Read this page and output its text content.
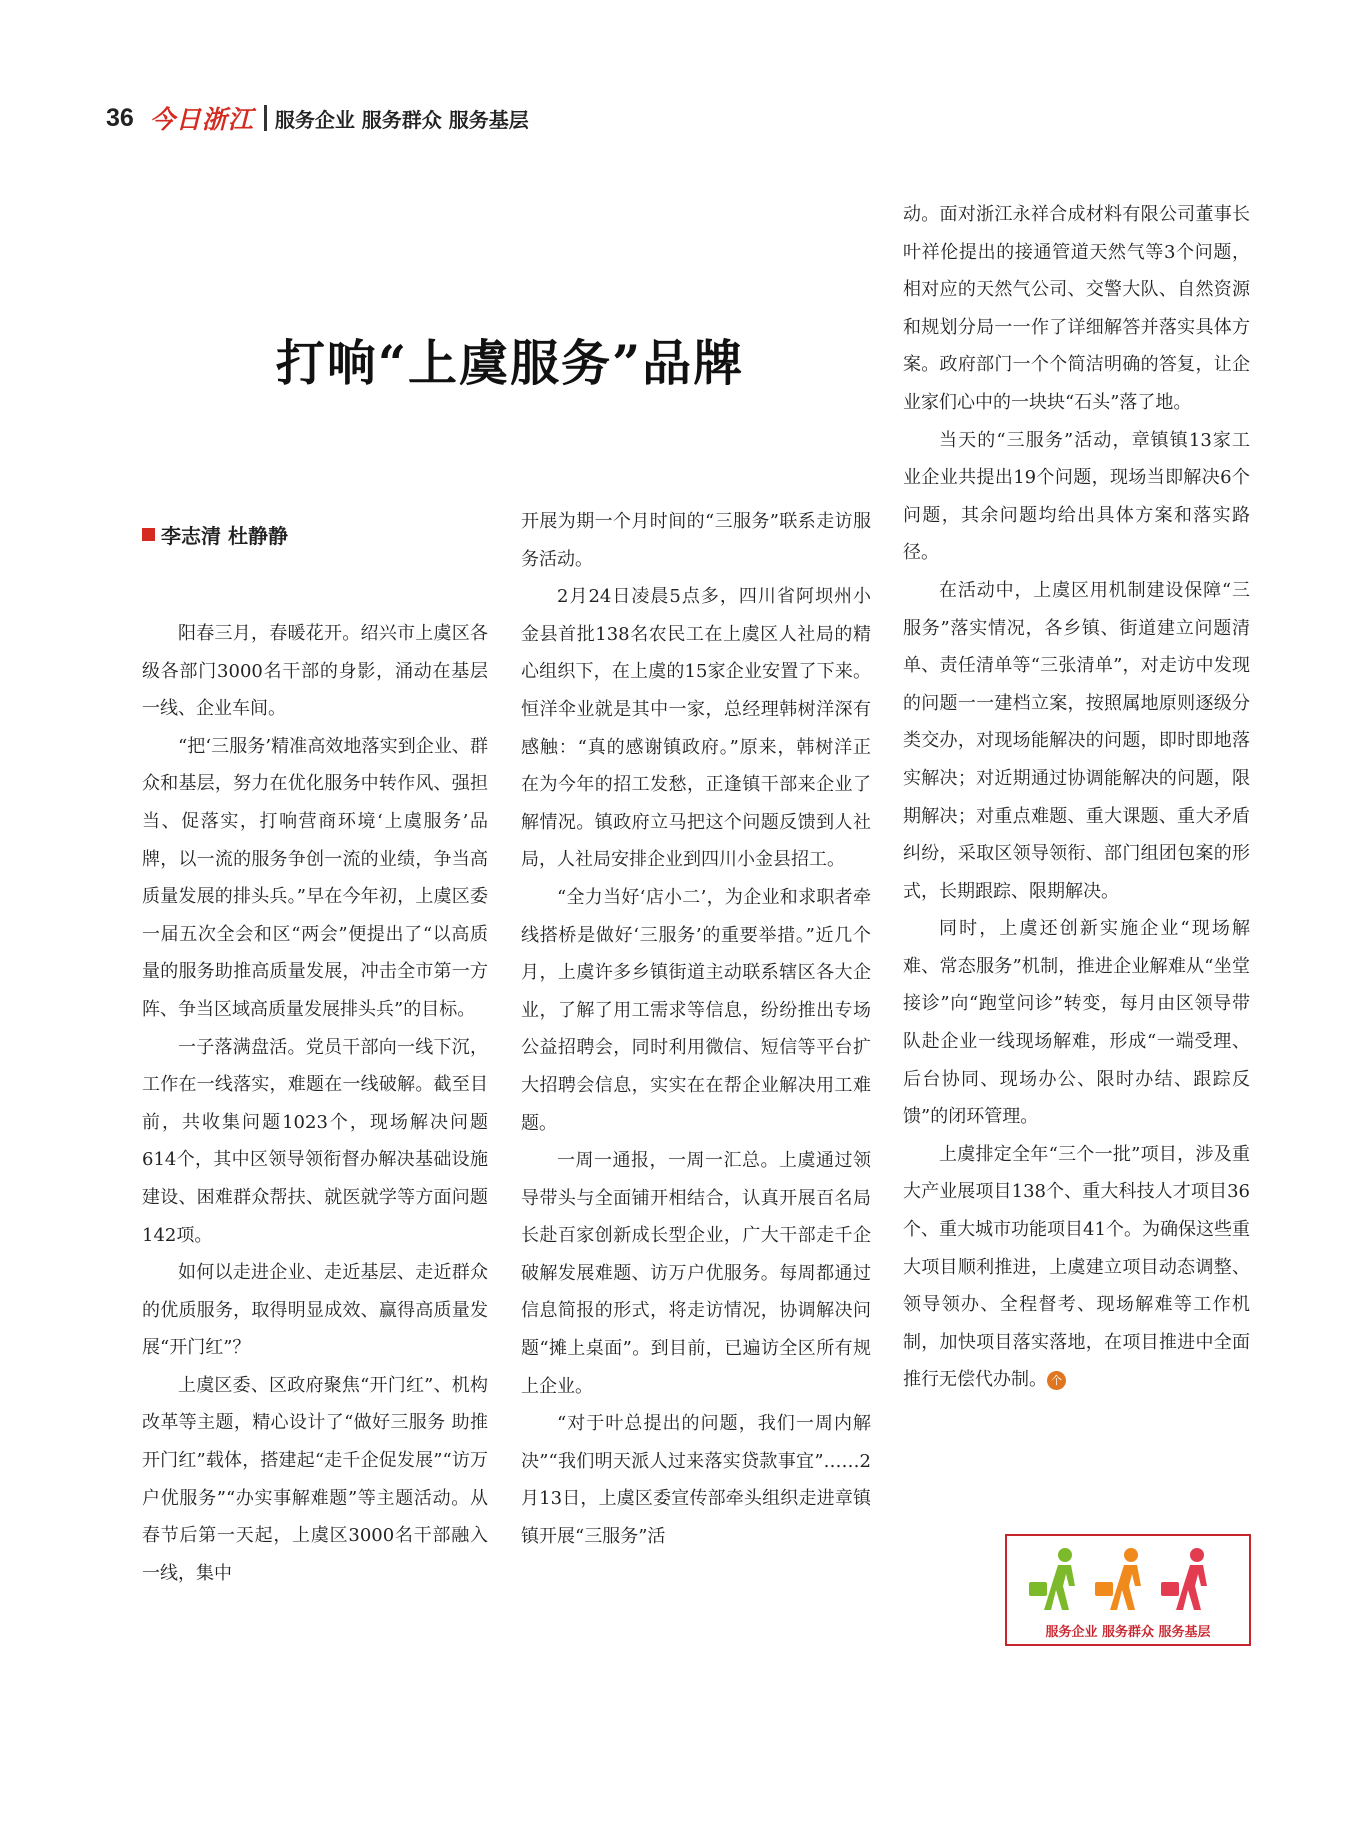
36 今日浙江 服务企业 服务群众 服务基层
打响“上虞服务”品牌
李志清 杜静静

阳春三月，春暖花开。绍兴市上虞区各级各部门3000名干部的身影，涌动在基层一线、企业车间。

“把‘三服务’精准高效地落实到企业、群众和基层，努力在优化服务中转作风、强担当、促落实，打响营商环境‘上虞服务’品牌，以一流的服务争创一流的业绩，争当高质量发展的排头兵。”早在今年初，上虞区委一届五次全会和区“两会”便提出了“以高质量的服务助推高质量发展，冲击全市第一方阵、争当区域高质量发展排头兵”的目标。

一子落满盘活。党员干部向一线下沉，工作在一线落实，难题在一线破解。截至目前，共收集问题1023个，现场解决问题614个，其中区领导领衔督办解决基础设施建设、困难群众帮扶、就医就学等方面问题142项。

如何以走进企业、走近基层、走近群众的优质服务，取得明显成效、赢得高质量发展“开门红”？

上虞区委、区政府聚焦“开门红”、机构改革等主题，精心设计了“做好三服务 助推开门红”载体，搭建起“走千企促发展”“访万户优服务”“办实事解难题”等主题活动。从春节后第一天起，上虞区3000名干部融入一线，集中

开展为期一个月时间的“三服务”联系走访服务活动。

2月24日凌晨5点多，四川省阿坝州小金县首批138名农民工在上虞区人社局的精心组织下，在上虞的15家企业安置了下来。恒洋伞业就是其中一家，总经理韩树洋深有感触：“真的感谢镇政府。”原来，韩树洋正在为今年的招工发愁，正逢镇干部来企业了解情况。镇政府立马把这个问题反馈到人社局，人社局安排企业到四川小金县招工。

“全力当好‘店小二’，为企业和求职者牵线搭桥是做好‘三服务’的重要举措。”近几个月，上虞许多乡镇街道主动联系辖区各大企业，了解了用工需求等信息，纷纷推出专场公益招聘会，同时利用微信、短信等平台扩大招聘会信息，实实在在帮企业解决用工难题。

一周一通报，一周一汇总。上虞通过领导带头与全面铺开相结合，认真开展百名局长赴百家创新成长型企业，广大干部走千企破解发展难题、访万户优服务。每周都通过信息简报的形式，将走访情况，协调解决问题“摊上桌面”。到目前，已遍访全区所有规上企业。

“对于叶总提出的问题，我们一周内解决”“我们明天派人过来落实贷款事宜”……2月13日，上虞区委宣传部牵头组织走进章镇镇开展“三服务”活

动。面对浙江永祥合成材料有限公司董事长叶祥伦提出的接通管道天然气等3个问题，相对应的天然气公司、交警大队、自然资源和规划分局一一作了详细解答并落实具体方案。政府部门一个个简洁明确的答复，让企业家们心中的一块块“石头”落了地。

当天的“三服务”活动，章镇镇13家工业企业共提出19个问题，现场当即解决6个问题，其余问题均给出具体方案和落实路径。

在活动中，上虞区用机制建设保障“三服务”落实情况，各乡镇、街道建立问题清单、责任清单等“三张清单”，对走访中发现的问题一一建档立案，按照属地原则逐级分类交办，对现场能解决的问题，即时即地落实解决；对近期通过协调能解决的问题，限期解决；对重点难题、重大课题、重大矛盾纠纷，采取区领导领衔、部门组团包案的形式，长期跟踪、限期解决。

同时，上虞还创新实施企业“现场解难、常态服务”机制，推进企业解难从“坐堂接诊”向“跑堂问诊”转变，每月由区领导带队赴企业一线现场解难，形成“一端受理、后台协同、现场办公、限时办结、跟踪反馈”的闭环管理。

上虞排定全年“三个一批”项目，涉及重大产业展项目138个、重大科技人才项目36个、重大城市功能项目41个。为确保这些重大项目顺利推进，上虞建立项目动态调整、领导领办、全程督考、现场解难等工作机制，加快项目落实落地，在项目推进中全面推行无偿代办制。 个

服务企业 服务群众 服务基层
